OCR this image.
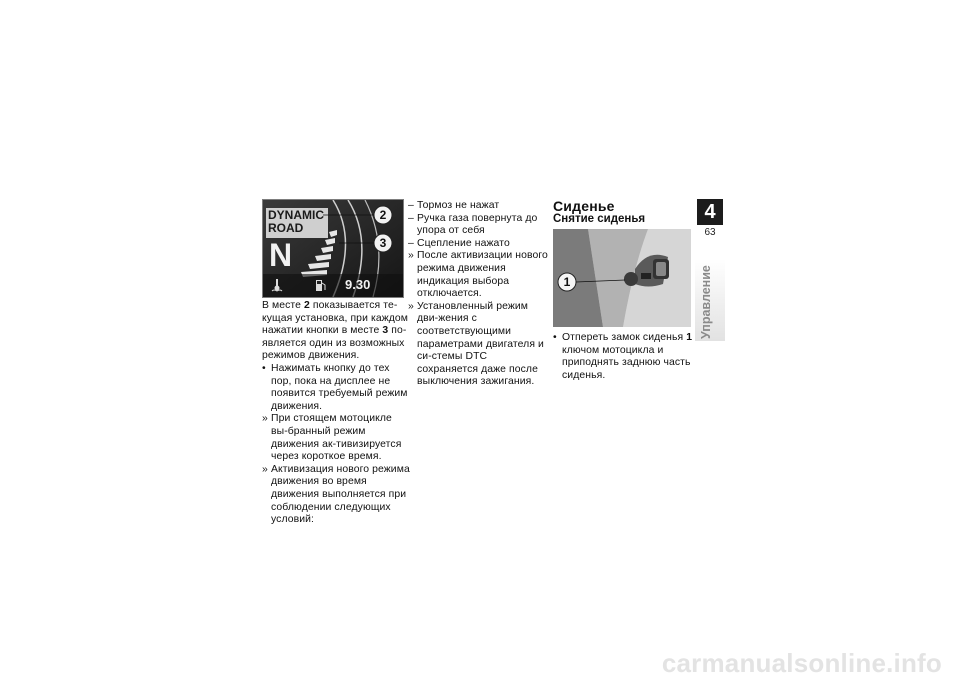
DYNAMIC
ROAD
N
2
3
9.30

В месте 2 показывается те-кущая установка, при каждом нажатии кнопки в месте 3 по-является один из возможных режимов движения.

• Нажимать кнопку до тех пор, пока на дисплее не появится требуемый режим движения.
» При стоящем мотоцикле вы-бранный режим движения ак-тивизируется через короткое время.
» Активизация нового режима движения во время движения выполняется при соблюдении следующих условий:
– Тормоз не нажат
– Ручка газа повернута до упора от себя
– Сцепление нажато
» После активизации нового режима движения индикация выбора отключается.
» Установленный режим дви-жения с соответствующими параметрами двигателя и си-стемы DTC сохраняется даже после выключения зажигания.
Сиденье
Снятие сиденья
1
• Отпереть замок сиденья 1 ключом мотоцикла и приподнять заднюю часть сиденья.
4
63
Управление
carmanualsonline.info
